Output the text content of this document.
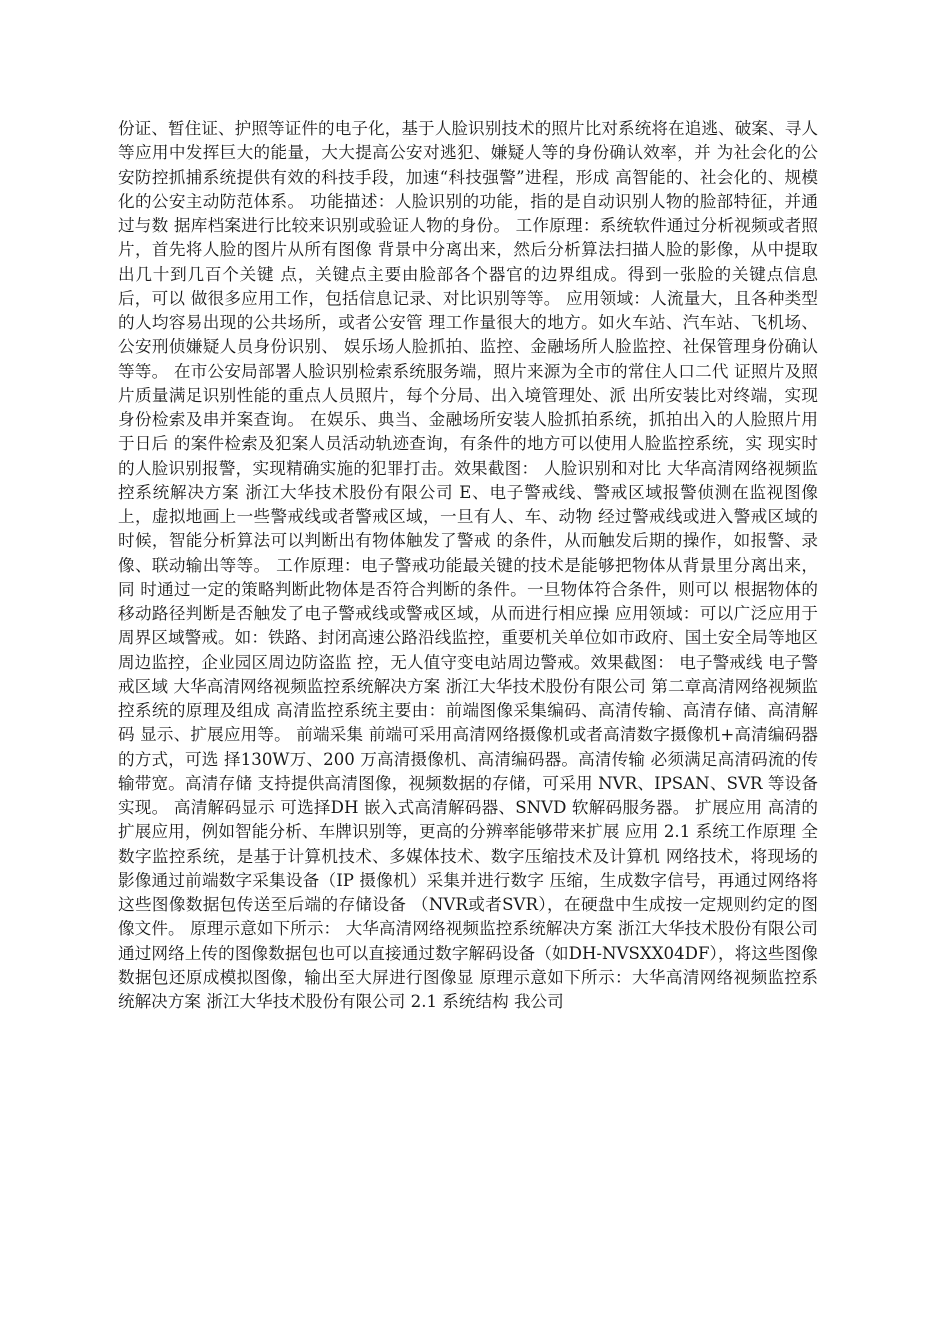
份证、暂住证、护照等证件的电子化，基于人脸识别技术的照片比对系统将在追逃、破案、寻人 等应用中发挥巨大的能量，大大提高公安对逃犯、嫌疑人等的身份确认效率，并 为社会化的公安防控抓捕系统提供有效的科技手段，加速“科技强警”进程，形成 高智能的、社会化的、规模化的公安主动防范体系。 功能描述：人脸识别的功能，指的是自动识别人物的脸部特征，并通过与数 据库档案进行比较来识别或验证人物的身份。 工作原理：系统软件通过分析视频或者照片，首先将人脸的图片从所有图像 背景中分离出来，然后分析算法扫描人脸的影像，从中提取出几十到几百个关键 点，关键点主要由脸部各个器官的边界组成。得到一张脸的关键点信息后，可以 做很多应用工作，包括信息记录、对比识别等等。 应用领域：人流量大，且各种类型的人均容易出现的公共场所，或者公安管 理工作量很大的地方。如火车站、汽车站、飞机场、公安刑侦嫌疑人员身份识别、 娱乐场人脸抓拍、监控、金融场所人脸监控、社保管理身份确认等等。 在市公安局部署人脸识别检索系统服务端，照片来源为全市的常住人口二代 证照片及照片质量满足识别性能的重点人员照片，每个分局、出入境管理处、派 出所安装比对终端，实现身份检索及串并案查询。 在娱乐、典当、金融场所安装人脸抓拍系统，抓拍出入的人脸照片用于日后 的案件检索及犯案人员活动轨迹查询，有条件的地方可以使用人脸监控系统，实 现实时的人脸识别报警，实现精确实施的犯罪打击。效果截图： 人脸识别和对比 大华高清网络视频监控系统解决方案 浙江大华技术股份有限公司 E、电子警戒线、警戒区域报警侦测在监视图像上，虚拟地画上一些警戒线或者警戒区域，一旦有人、车、动物 经过警戒线或进入警戒区域的时候，智能分析算法可以判断出有物体触发了警戒 的条件，从而触发后期的操作，如报警、录像、联动输出等等。 工作原理：电子警戒功能最关键的技术是能够把物体从背景里分离出来，同 时通过一定的策略判断此物体是否符合判断的条件。一旦物体符合条件，则可以 根据物体的移动路径判断是否触发了电子警戒线或警戒区域，从而进行相应操 应用领域：可以广泛应用于周界区域警戒。如：铁路、封闭高速公路沿线监控，重要机关单位如市政府、国土安全局等地区周边监控，企业园区周边防盗监 控，无人值守变电站周边警戒。效果截图： 电子警戒线 电子警戒区域 大华高清网络视频监控系统解决方案 浙江大华技术股份有限公司 第二章高清网络视频监控系统的原理及组成 高清监控系统主要由：前端图像采集编码、高清传输、高清存储、高清解码 显示、扩展应用等。 前端采集 前端可采用高清网络摄像机或者高清数字摄像机+高清编码器的方式，可选 择130W万、200 万高清摄像机、高清编码器。高清传输 必须满足高清码流的传输带宽。高清存储 支持提供高清图像，视频数据的存储，可采用 NVR、IPSAN、SVR 等设备 实现。 高清解码显示 可选择DH 嵌入式高清解码器、SNVD 软解码服务器。 扩展应用 高清的扩展应用，例如智能分析、车牌识别等，更高的分辨率能够带来扩展 应用 2.1 系统工作原理 全数字监控系统，是基于计算机技术、多媒体技术、数字压缩技术及计算机 网络技术，将现场的影像通过前端数字采集设备（IP 摄像机）采集并进行数字 压缩，生成数字信号，再通过网络将这些图像数据包传送至后端的存储设备 （NVR或者SVR），在硬盘中生成按一定规则约定的图像文件。 原理示意如下所示： 大华高清网络视频监控系统解决方案 浙江大华技术股份有限公司 通过网络上传的图像数据包也可以直接通过数字解码设备（如DH-NVSXX04DF），将这些图像数据包还原成模拟图像，输出至大屏进行图像显 原理示意如下所示：大华高清网络视频监控系统解决方案 浙江大华技术股份有限公司 2.1 系统结构 我公司
